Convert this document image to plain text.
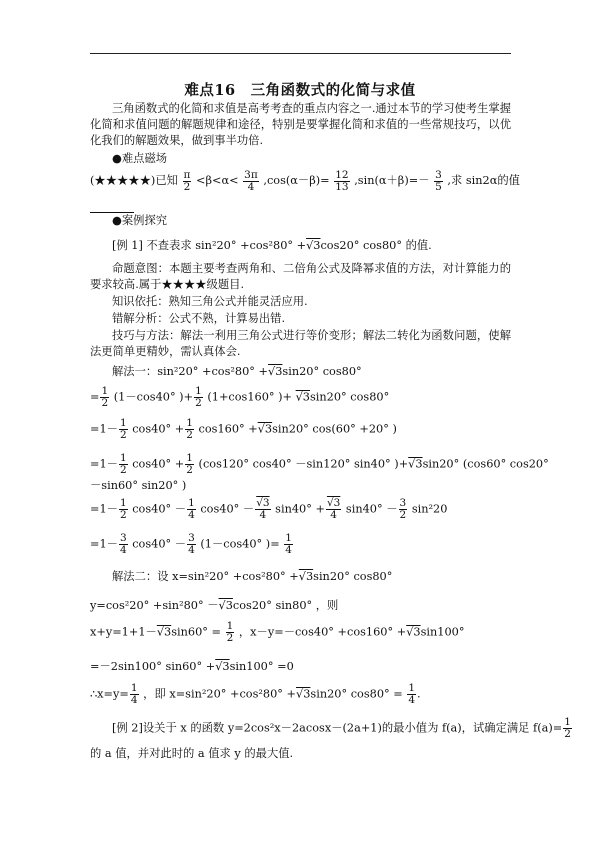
难点16　三角函数式的化简与求值
三角函数式的化简和求值是高考考查的重点内容之一.通过本节的学习使考生掌握化简和求值问题的解题规律和途径，特别是要掌握化简和求值的一些常规技巧，以优化我们的解题效果，做到事半功倍.
●难点磁场
(★★★★★)已知 $\frac{\pi}{2} <\beta<\alpha< \frac{3\pi}{4} ,\cos(\alpha-\beta)= \frac{12}{13} ,\sin(\alpha+\beta)=- \frac{3}{5}$ ,求 sin2α的值
●案例探究
[例 1] 不查表求 sin²20° +cos²80° +√3cos20° cos80° 的值.
命题意图：本题主要考查两角和、二倍角公式及降幂求值的方法，对计算能力的要求较高.属于★★★★级题目.
知识依托：熟知三角公式并能灵活应用.
错解分析：公式不熟，计算易出错.
技巧与方法：解法一利用三角公式进行等价变形；解法二转化为函数问题，使解法更简单更精妙，需认真体会.
解法一：sin²20° +cos²80° +√3sin20° cos80°
= $\frac{1}{2} (1-\cos 40^\circ$ )+ $\frac{1}{2} (1+\cos 160^\circ$ )+ √3sin20° cos80°
$=1- \frac{1}{2} \cos 40^\circ + \frac{1}{2} \cos 160^\circ +√3\sin 20^\circ$ cos(60° +20° )
$=1- \frac{1}{2} \cos 40^\circ + \frac{1}{2} (\cos 120^\circ$ cos40° －sin120° sin40° )+√3sin20° (cos60° cos20°
－sin60° sin20° )
$=1- \frac{1}{2} \cos 40^\circ - \frac{1}{4} \cos 40^\circ - \frac{√3}{4} \sin 40^\circ + \frac{√3}{4} \sin 40^\circ - \frac{3}{2} \sin^220$
$=1- \frac{3}{4} \cos 40^\circ - \frac{3}{4} (1-\cos 40^\circ$ )= $\frac{1}{4}$
解法二：设 x=sin²20° +cos²80° +√3sin20° cos80°
y=cos²20° +sin²80° －√3cos20° sin80° ，则
$x+y=1+1-√3\sin 60^\circ = \frac{1}{2}$ ，x－y=－cos40° +cos160° +√3sin100°
=－2sin100° sin60° +√3sin100° =0
∴x=y= $\frac{1}{4}$ ，即 x=sin²20° +cos²80° +√3sin20° $\cos 80^\circ = \frac{1}{4}$ .
[例 2]设关于 x 的函数 y=2cos²x－2acosx－(2a+1)的最小值为 f(a)，试确定满足 $f(a)= \frac{1}{2}$
的 a 值，并对此时的 a 值求 y 的最大值.
